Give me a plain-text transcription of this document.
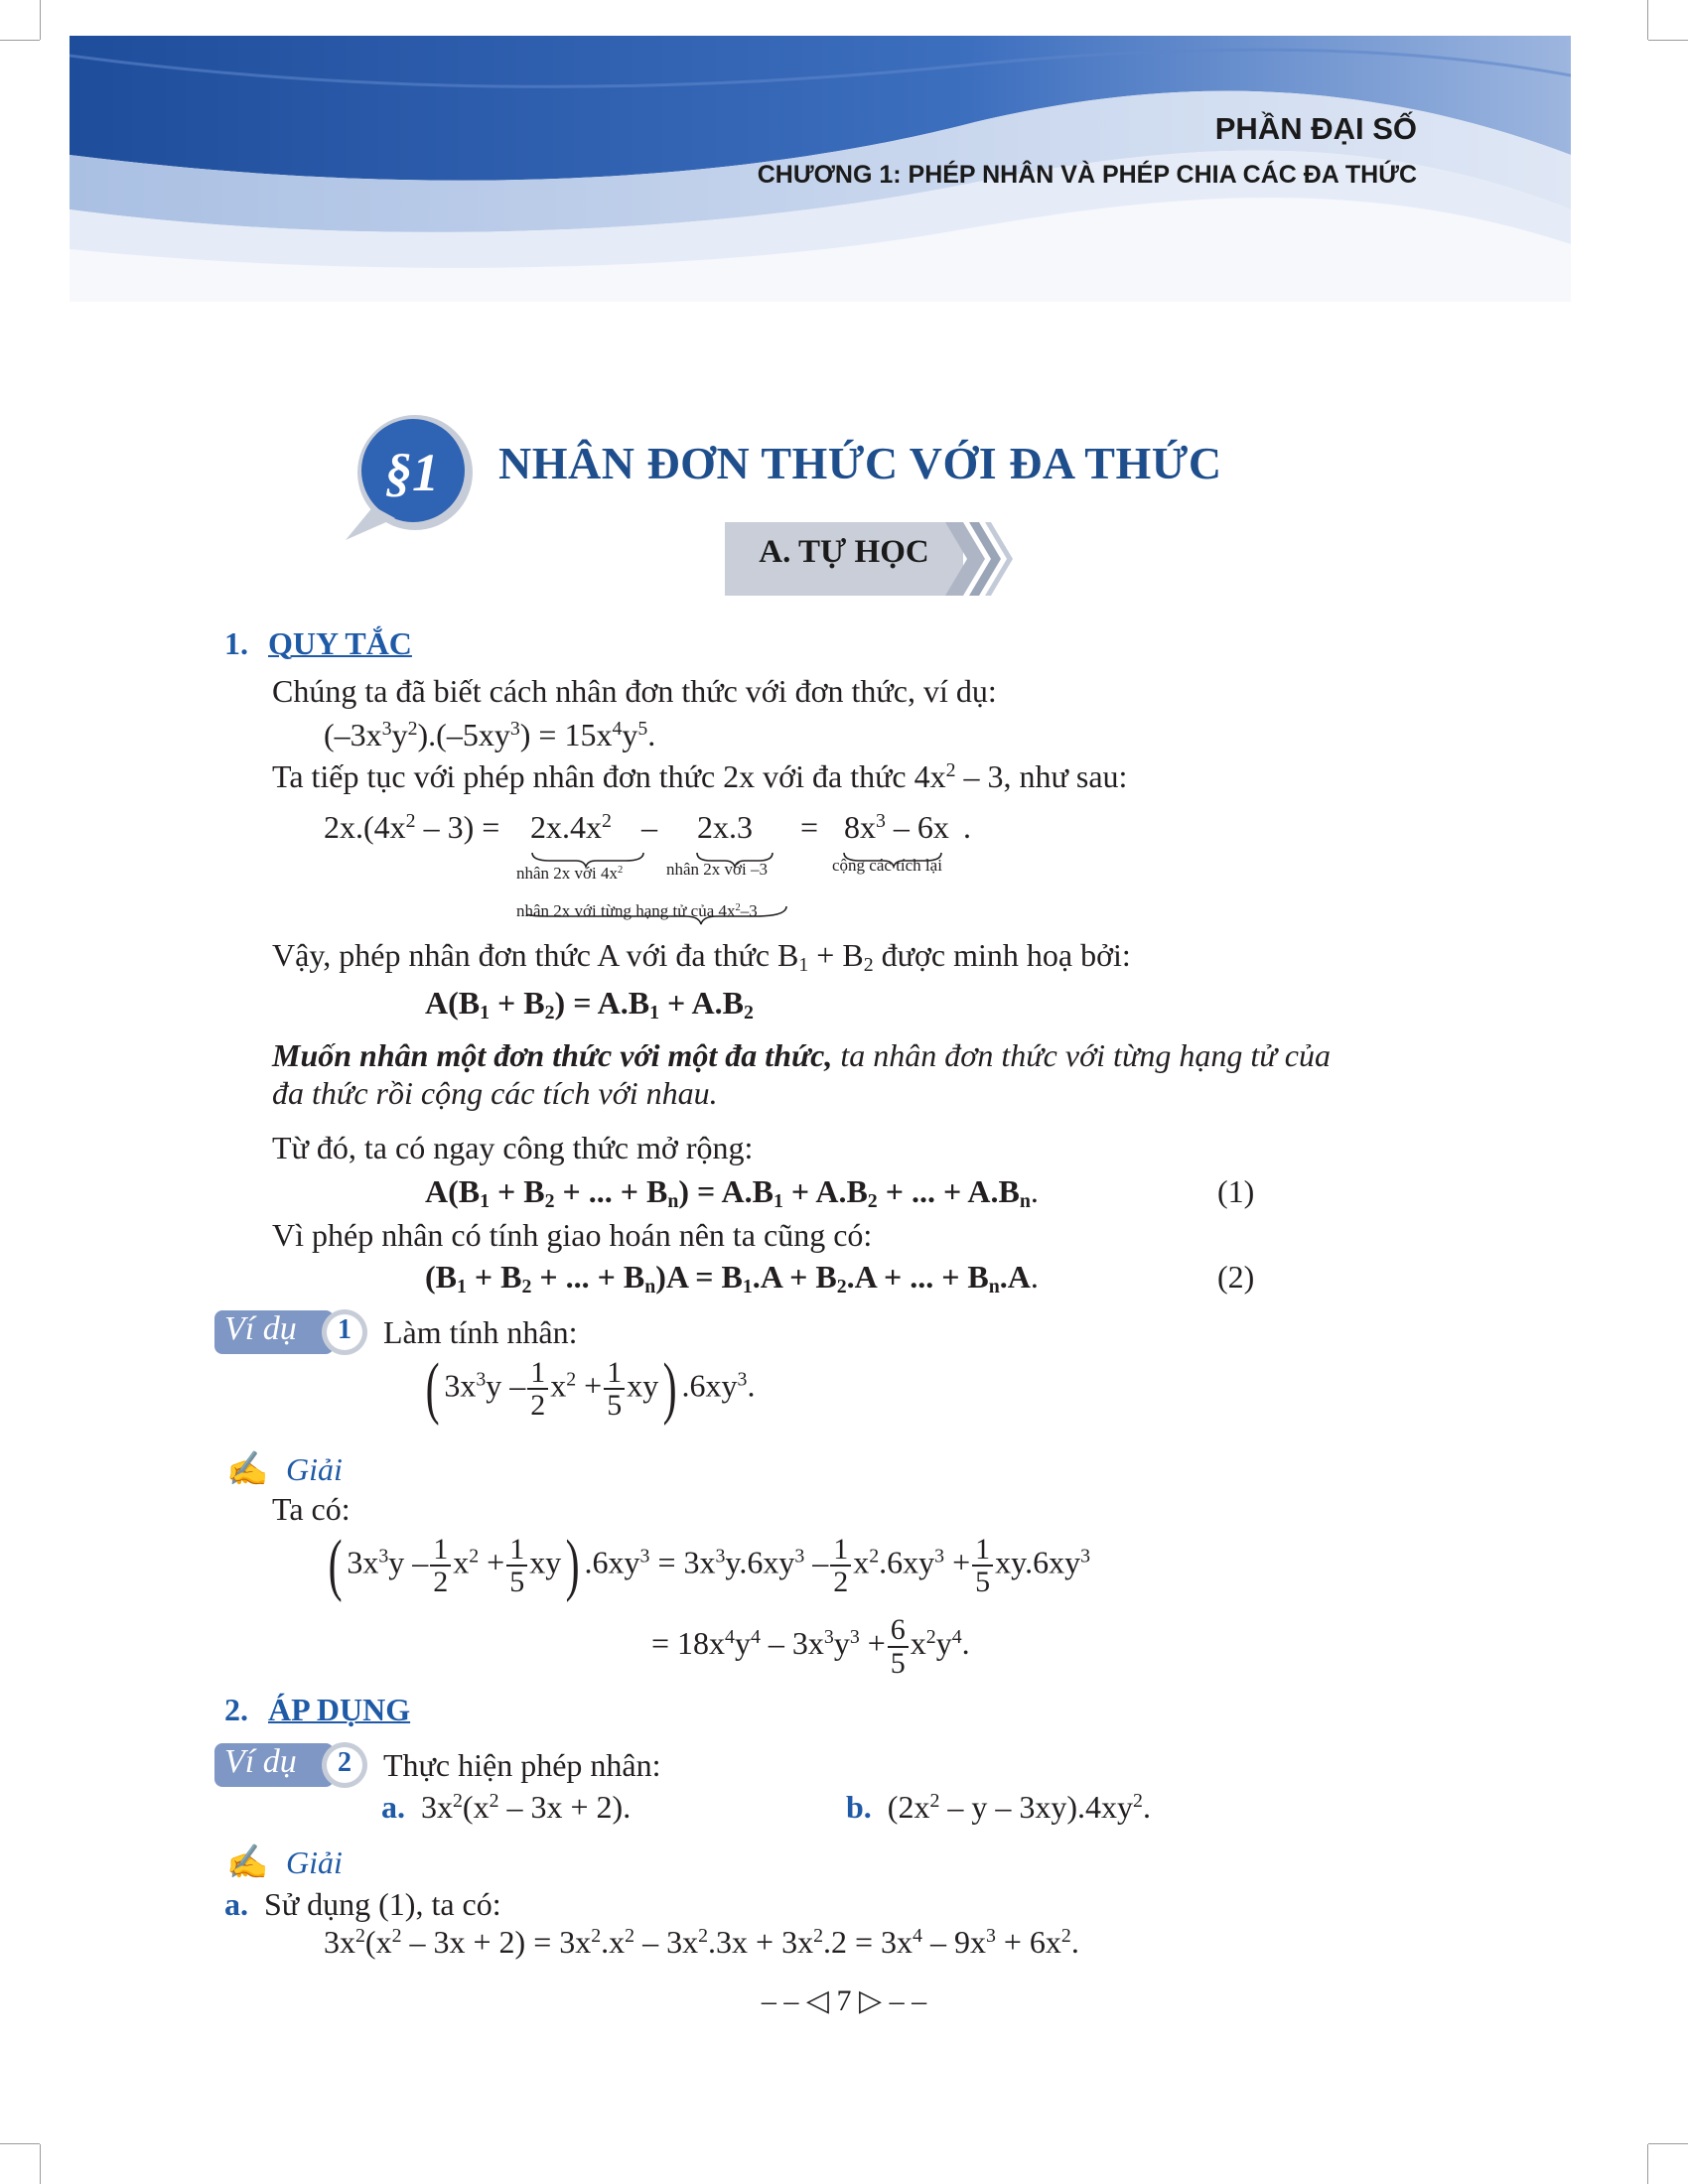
PHẦN ĐẠI SỐ
CHƯƠNG 1: PHÉP NHÂN VÀ PHÉP CHIA CÁC ĐA THỨC
§1 NHÂN ĐƠN THỨC VỚI ĐA THỨC
A. TỰ HỌC
1. QUY TẮC
Chúng ta đã biết cách nhân đơn thức với đơn thức, ví dụ:
$(-3x^3y^2).(-5xy^3) = 15x^4y^5$.
Ta tiếp tục với phép nhân đơn thức 2x với đa thức $4x^2 - 3$, như sau:
$2x.(4x^2 - 3) = 2x.4x^2 - 2x.3 = 8x^3 - 6x$ .
nhân 2x với $4x^2$	nhân 2x với –3	cộng các tích lại
nhân 2x với từng hạng tử của $4x^2-3$
Vậy, phép nhân đơn thức A với đa thức $B_1 + B_2$ được minh hoạ bởi:
$A(B_1 + B_2) = A.B_1 + A.B_2$
Muốn nhân một đơn thức với một đa thức, ta nhân đơn thức với từng hạng tử của
đa thức rồi cộng các tích với nhau.
Từ đó, ta có ngay công thức mở rộng:
$A(B_1 + B_2$ + ... + $B_n) = A.B_1 + A.B_2$ + ... + $A.B_n$.	(1)
Vì phép nhân có tính giao hoán nên ta cũng có:
($B_1 + B_2$ + ... + $B_n)A = B_1.A + B_2.A$ + ... + $B_n.A$.	(2)
Ví dụ 1 Làm tính nhân:
( $3x^3y - \frac{1}{2} x^2 + \frac{1}{5} xy$) $.6xy^3$.
✍ Giải
Ta có:
( $3x^3y - \frac{1}{2} x^2 + \frac{1}{5} xy$) $.6xy^3 = 3x^3y.6xy^3 - \frac{1}{2} x^2.6xy^3 + \frac{1}{5} xy.6xy^3$
= $18x^4y^4 - 3x^3y^3 + \frac{6}{5} x^2y^4$.
2. ÁP DỤNG
Ví dụ 2 Thực hiện phép nhân:
a.  $3x^2(x^2 - 3x + 2)$.	b.  ($2x^2$ – y – $3xy).4xy^2$.
✍ Giải
a. Sử dụng (1), ta có:
$3x^2(x^2 - 3x + 2) = 3x^2.x^2 - 3x^2.3x + 3x^2.2 = 3x^4 - 9x^3 + 6x^2$.
– – ◁ 7 ▷ – –
